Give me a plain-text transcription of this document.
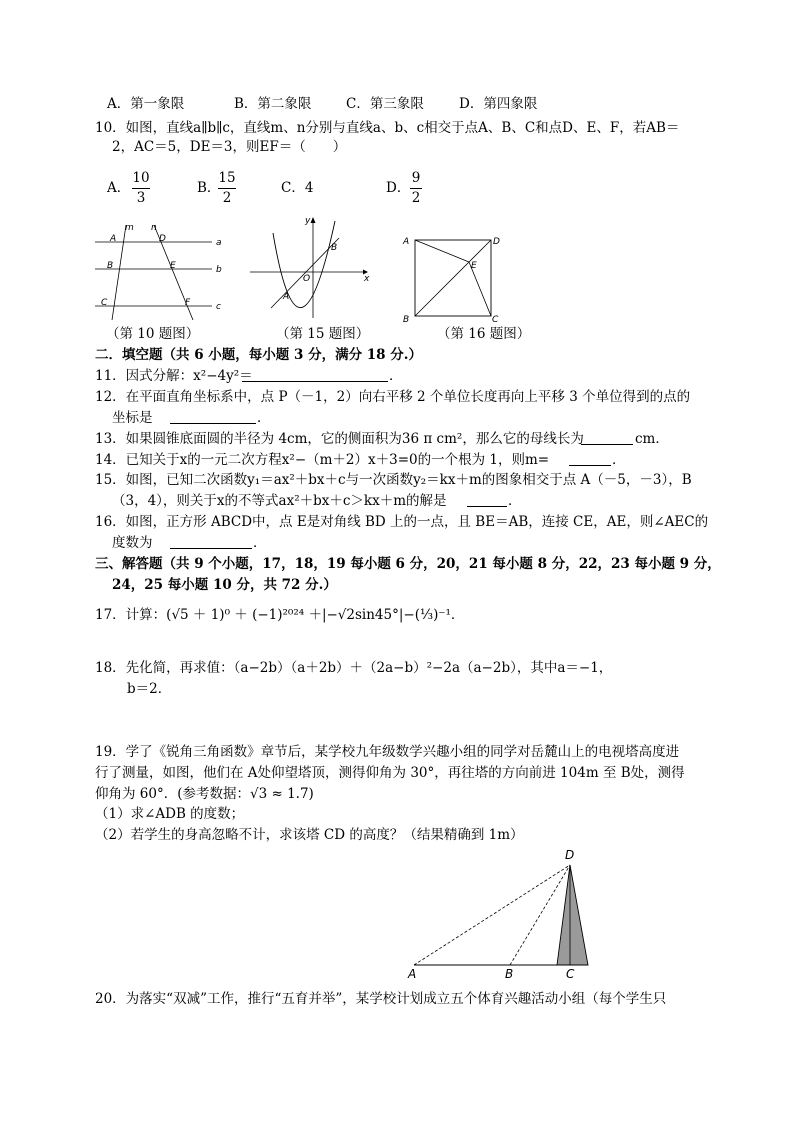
A．第一象限	B．第二象限	C．第三象限	D．第四象限
10．如图，直线a∥b∥c，直线m、n分别与直线a、b、c相交于点A、B、C和点D、E、F，若AB＝
2，AC＝5，DE＝3，则EF＝（　　）
A．
10
3
B．
15
2
C．4	D．
9
2
m n
A	D
B	E
C	F
a
b
c
（第 10 题图）
x
y
O
A
B
（第 15 题图）
A	D
E
B	C
（第 16 题图）
二．填空题（共 6 小题，每小题 3 分，满分 18 分.）
11．因式分解：x²−4y²＝	．
12．在平面直角坐标系中，点 P（－1，2）向右平移 2 个单位长度再向上平移 3 个单位得到的点的
坐标是	．
13．如果圆锥底面圆的半径为 4cm，它的侧面积为36 π cm²，那么它的母线长为	cm．
14．已知关于x的一元二次方程x²−（m＋2）x＋3=0的一个根为 1，则m=	．
15．如图，已知二次函数y₁＝ax²＋bx＋c与一次函数y₂＝kx＋m的图象相交于点 A（－5，－3），B
（3，4），则关于x的不等式ax²＋bx＋c＞kx＋m的解是	．
16．如图，正方形 ABCD中，点 E是对角线 BD 上的一点，且 BE＝AB，连接 CE，AE，则∠AEC的
度数为	．
三、解答题（共 9 个小题，17，18，19 每小题 6 分，20，21 每小题 8 分，22，23 每小题 9 分，
24，25 每小题 10 分，共 72 分.）
17．计算：(√5 ＋ 1)⁰ ＋ (−1)²⁰²⁴ ＋|−√2sin45°|−(⅓)⁻¹．
18．先化简，再求值：（a−2b）（a＋2b）＋（2a−b）²−2a（a−2b），其中a＝−1，
b＝2．
19．学了《锐角三角函数》章节后，某学校九年级数学兴趣小组的同学对岳麓山上的电视塔高度进
行了测量，如图，他们在 A处仰望塔顶，测得仰角为 30°，再往塔的方向前进 104m 至 B处，测得
仰角为 60°．(参考数据：√3 ≈ 1.7)
（1）求∠ADB 的度数；
（2）若学生的身高忽略不计，求该塔 CD 的高度？（结果精确到 1m）
D
A	B	C
20．为落实“双减”工作，推行“五育并举”，某学校计划成立五个体育兴趣活动小组（每个学生只
